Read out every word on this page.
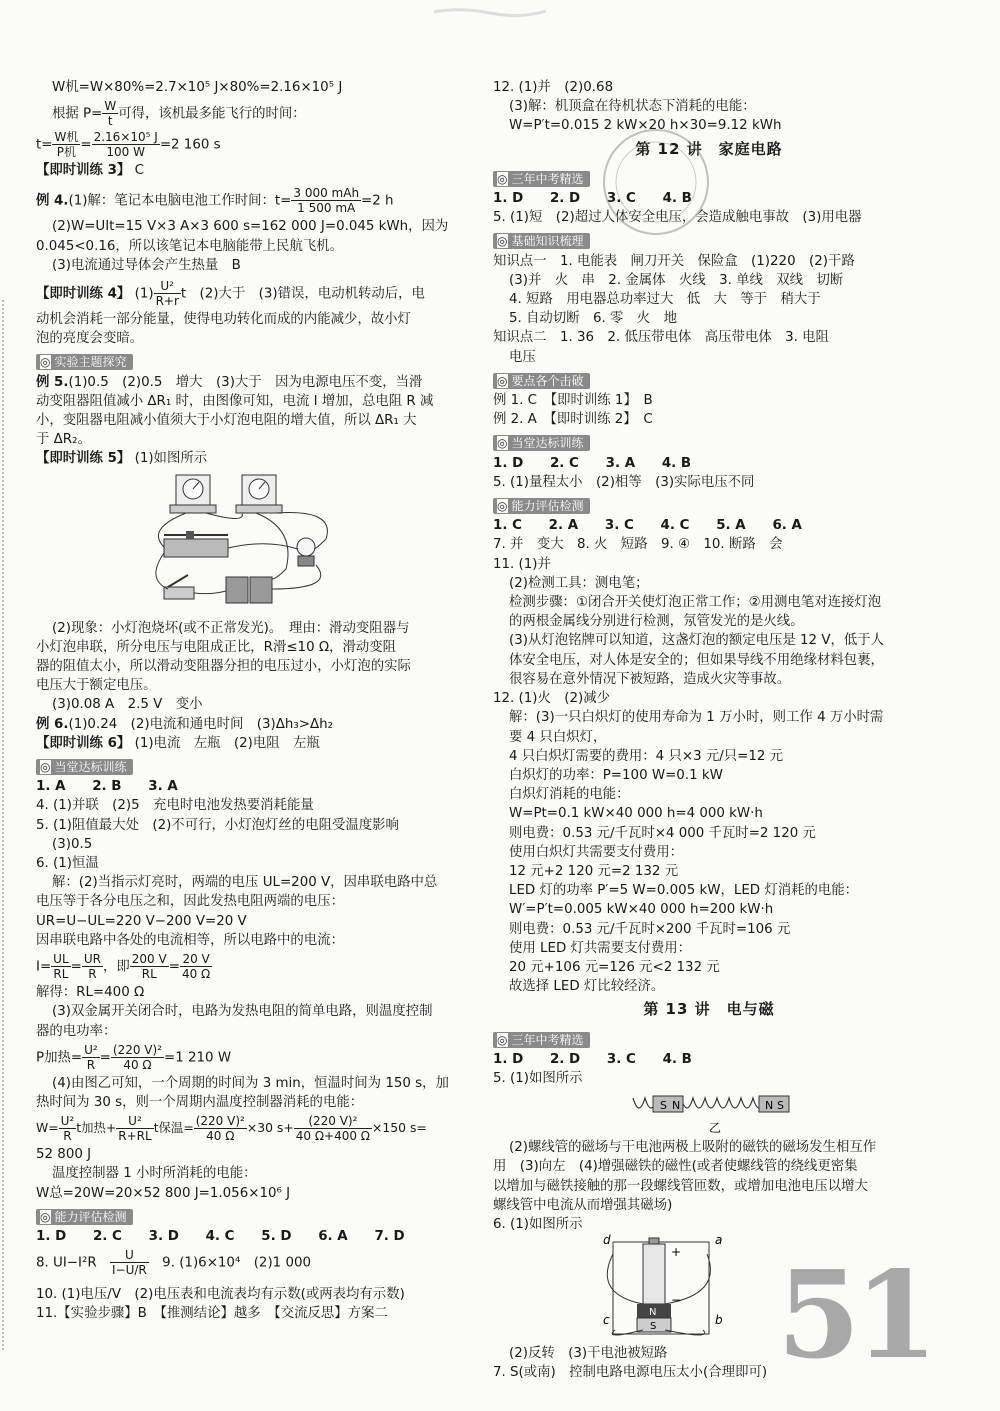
W机=W×80%=2.7×10⁵ J×80%=2.16×10⁵ J
根据 $P= \frac{W}{t}$ 可得，该机最多能飞行的时间：
$t= \frac{\text{W机}}{\text{P机}} = \frac{\text{2.16×10⁵ J}}{100 W} =2$ 160 s
【即时训练 3】 C
例 4.(1)解：笔记本电脑电池工作时间：$t= \frac{\text{3 000 mAh}}{1 500 mA} =2$ h
(2)W=UIt=15 V×3 A×3 600 s=162 000 J=0.045 kWh，因为
0.045<0.16，所以该笔记本电脑能带上民航飞机。
(3)电流通过导体会产生热量　B
【即时训练 4】 $(1) \frac{\text{U²}}{R+r}$ t　(2)大于　(3)错误，电动机转动后，电
动机会消耗一部分能量，使得电功转化而成的内能减少，故小灯
泡的亮度会变暗。
◎ 实验主题探究
例 5.(1)0.5　(2)0.5　增大　(3)大于　因为电源电压不变，当滑
动变阻器阻值减小 ΔR₁ 时，由图像可知，电流 I 增加，总电阻 R 减
小，变阻器电阻减小值须大于小灯泡电阻的增大值，所以 ΔR₁ 大
于 ΔR₂。
【即时训练 5】 (1)如图所示
(2)现象：小灯泡烧坏(或不正常发光)。　理由：滑动变阻器与
小灯泡串联，所分电压与电阻成正比，R滑≤10 Ω，滑动变阻
器的阻值太小，所以滑动变阻器分担的电压过小，小灯泡的实际
电压大于额定电压。
(3)0.08 A　2.5 V　变小
例 6.(1)0.24　(2)电流和通电时间　(3)Δh₃>Δh₂
【即时训练 6】 (1)电流　左瓶　(2)电阻　左瓶
◎ 当堂达标训练
1. A　　2. B　　3. A
4. (1)并联　(2)5　充电时电池发热要消耗能量
5. (1)阻值最大处　(2)不可行，小灯泡灯丝的电阻受温度影响
(3)0.5
6. (1)恒温
解：(2)当指示灯亮时，两端的电压 UL=200 V，因串联电路中总
电压等于各分电压之和，因此发热电阻两端的电压：
UR=U−UL=220 V−200 V=20 V
因串联电路中各处的电流相等，所以电路中的电流：
$I= \frac{UL}{RL} = \frac{UR}{R}$ ，即 $\frac{200 V}{RL} = \frac{20 V}{40 \Omega}$
解得：RL=400 Ω
(3)双金属开关闭合时，电路为发热电阻的简单电路，则温度控制
器的电功率：
P加热= $\frac{\text{U²}}{R} = \frac{\text{(220 V)²}}{40 \Omega} =1$ 210 W
(4)由图乙可知，一个周期的时间为 3 min，恒温时间为 150 s，加
热时间为 30 s，则一个周期内温度控制器消耗的电能：
$W= \frac{\text{U²}}{R}$ t加热+ $\frac{\text{U²}}{R+RL}$ t保温= $\frac{\text{(220 V)²}}{40 \Omega} \times 30$ $s+ \frac{\text{(220 V)²}}{40 \Omega+400 \Omega} \times 150$ s=
52 800 J
温度控制器 1 小时所消耗的电能：
W总=20W=20×52 800 J=1.056×10⁶ J
◎ 能力评估检测
1. D　　2. C　　3. D　　4. C　　5. D　　6. A　　7. D
8. UI−I²R　 $\frac{U}{I-U/R}$ 　9. (1)6×10⁴　(2)1 000
10. (1)电压/V　(2)电压表和电流表均有示数(或两表均有示数)
11.【实验步骤】B　【推测结论】越多　【交流反思】方案二
12. (1)并　(2)0.68
(3)解：机顶盒在待机状态下消耗的电能：
W=P′t=0.015 2 kW×20 h×30=9.12 kWh
第 12 讲　家庭电路
◎ 三年中考精选
1. D　　2. D　　3. C　　4. B
5. (1)短　(2)超过人体安全电压，会造成触电事故　(3)用电器
◎ 基础知识梳理
知识点一　1. 电能表　闸刀开关　保险盒　(1)220　(2)干路
(3)并　火　串　2. 金属体　火线　3. 单线　双线　切断
4. 短路　用电器总功率过大　低　大　等于　稍大于
5. 自动切断　6. 零　火　地
知识点二　1. 36　2. 低压带电体　高压带电体　3. 电阻
电压
◎ 要点各个击破
例 1. C　【即时训练 1】　B
例 2. A　【即时训练 2】　C
◎ 当堂达标训练
1. D　　2. C　　3. A　　4. B
5. (1)量程太小　(2)相等　(3)实际电压不同
◎ 能力评估检测
1. C　　2. A　　3. C　　4. C　　5. A　　6. A
7. 并　变大　8. 火　短路　9. ④　10. 断路　会
11. (1)并
(2)检测工具：测电笔；
检测步骤：①闭合开关使灯泡正常工作；②用测电笔对连接灯泡
的两根金属线分别进行检测，氖管发光的是火线。
(3)从灯泡铭牌可以知道，这盏灯泡的额定电压是 12 V，低于人
体安全电压，对人体是安全的；但如果导线不用绝缘材料包裹，
很容易在意外情况下被短路，造成火灾等事故。
12. (1)火　(2)减少
解：(3)一只白炽灯的使用寿命为 1 万小时，则工作 4 万小时需
要 4 只白炽灯，
4 只白炽灯需要的费用：4 只×3 元/只=12 元
白炽灯的功率：P=100 W=0.1 kW
白炽灯消耗的电能：
W=Pt=0.1 kW×40 000 h=4 000 kW·h
则电费：0.53 元/千瓦时×4 000 千瓦时=2 120 元
使用白炽灯共需要支付费用：
12 元+2 120 元=2 132 元
LED 灯的功率 P′=5 W=0.005 kW，LED 灯消耗的电能：
W′=P′t=0.005 kW×40 000 h=200 kW·h
则电费：0.53 元/千瓦时×200 千瓦时=106 元
使用 LED 灯共需要支付费用：
20 元+106 元=126 元<2 132 元
故选择 LED 灯比较经济。
第 13 讲　电与磁
◎ 三年中考精选
1. D　　2. D　　3. C　　4. B
5. (1)如图所示
S N	N S
乙
(2)螺线管的磁场与干电池两极上吸附的磁铁的磁场发生相互作
用　(3)向左　(4)增强磁铁的磁性(或者使螺线管的绕线更密集
以增加与磁铁接触的那一段螺线管匝数，或增加电池电压以增大
螺线管中电流从而增强其磁场)
6. (1)如图所示
d	a
c	b
+
−
N
S
(2)反转　(3)干电池被短路
7. S(或南)　控制电路电源电压太小(合理即可) 51
